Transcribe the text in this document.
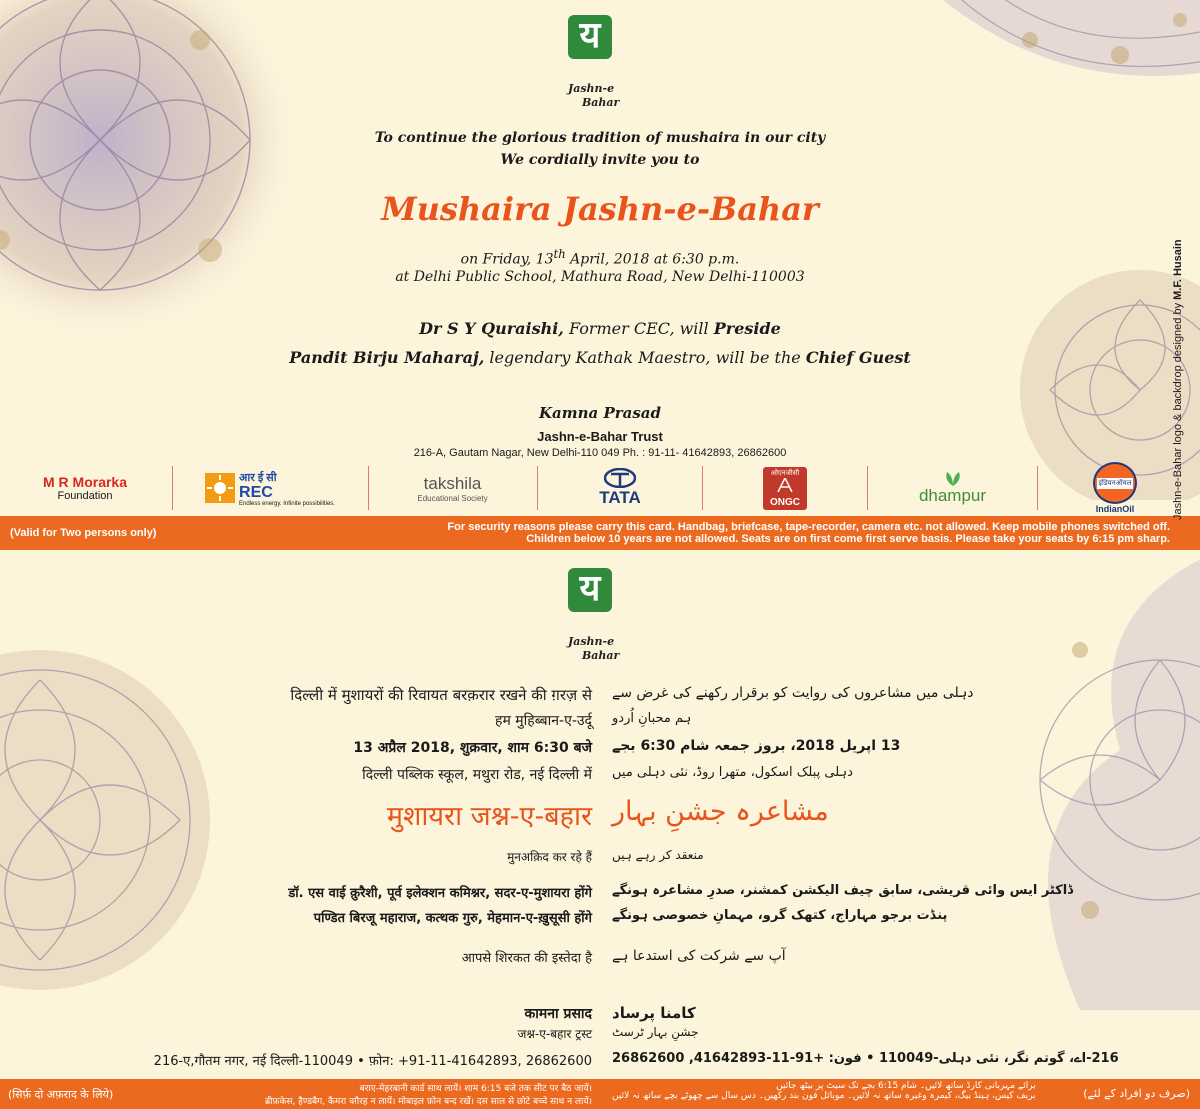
य
Jashn-e
Bahar
To continue the glorious tradition of mushaira in our city
We cordially invite you to
Mushaira Jashn-e-Bahar
on Friday, 13th April, 2018 at 6:30 p.m.
at Delhi Public School, Mathura Road, New Delhi-110003
Dr S Y Quraishi, Former CEC, will Preside
Pandit Birju Maharaj, legendary Kathak Maestro, will be the Chief Guest
Kamna Prasad
Jashn-e-Bahar Trust
216-A, Gautam Nagar, New Delhi-110 049 Ph. : 91-11- 41642893, 26862600
M R Morarka
Foundation
आर ई सी
REC
Endless energy. Infinite possibilities.
takshila
Educational Society	TATA
ओएनजीसी
ONGC	dhampur
इंडियनऑयल
IndianOil
(Valid for Two persons only)	For security reasons please carry this card. Handbag, briefcase, tape-recorder, camera etc. not allowed. Keep mobile phones switched off.
Children below 10 years are not allowed. Seats are on first come first serve basis. Please take your seats by 6:15 pm sharp.
Jashn-e-Bahar logo & backdrop designed by M.F. Husain
य
Jashn-e
Bahar
दिल्ली में मुशायरों की रिवायत बरक़रार रखने की ग़रज़ से
हम मुहिब्बान-ए-उर्दू
13 अप्रैल 2018, शुक्रवार, शाम 6:30 बजे
दिल्ली पब्लिक स्कूल, मथुरा रोड, नई दिल्ली में
मुशायरा जश्न-ए-बहार
मुनअक़िद कर रहे हैं
डॉ. एस वाई क़ुरैशी, पूर्व इलेक्शन कमिश्नर, सदर-ए-मुशायरा होंगे
पण्डित बिरजू महाराज, कत्थक गुरु, मेहमान-ए-ख़ुसूसी होंगे
आपसे शिरकत की इस्तेदा है
कामना प्रसाद
जश्न-ए-बहार ट्रस्ट
216-ए,गौतम नगर, नई दिल्ली-110049 • फ़ोन: +91-11-41642893, 26862600
دہلی میں مشاعروں کی روایت کو برقرار رکھنے کی غرض سے
ہم محبانِ اُردو
13 اپریل 2018، بروز جمعہ شام 6:30 بجے
دہلی پبلک اسکول، متھرا روڈ، نئی دہلی میں
مشاعرہ جشنِ بہار
منعقد کر رہے ہیں
ڈاکٹر ایس وائی قریشی، سابق چیف الیکشن کمشنر، صدرِ مشاعرہ ہونگے
پنڈت برجو مہاراج، کتھک گرو، مہمانِ خصوصی ہونگے
آپ سے شرکت کی استدعا ہے
کامنا پرساد
جشنِ بہار ٹرسٹ
216-اے، گوتم نگر، نئی دہلی-110049 • فون: +91-11-41642893, 26862600
(सिर्फ़ दो अफ़राद के लिये)	बराए-मेहरबानी कार्ड साथ लायें। शाम 6:15 बजे तक सीट पर बैठ जायें।
ब्रीफ़केस, हैण्डबैग, कैमरा वग़ैरह न लायें। मोबाइल फ़ोन बन्द रखें। दस साल से छोटे बच्चे साथ न लायें।
برائے مہربانی کارڈ ساتھ لائیں۔ شام 6:15 بجے تک سیٹ پر بیٹھ جائیں
بریف کیس، ہینڈ بیگ، کیمرہ وغیرہ ساتھ نہ لائیں۔ موبائل فون بند رکھیں۔ دس سال سے چھوٹے بچے ساتھ نہ لائیں	(صرف دو افراد کے لئے)
